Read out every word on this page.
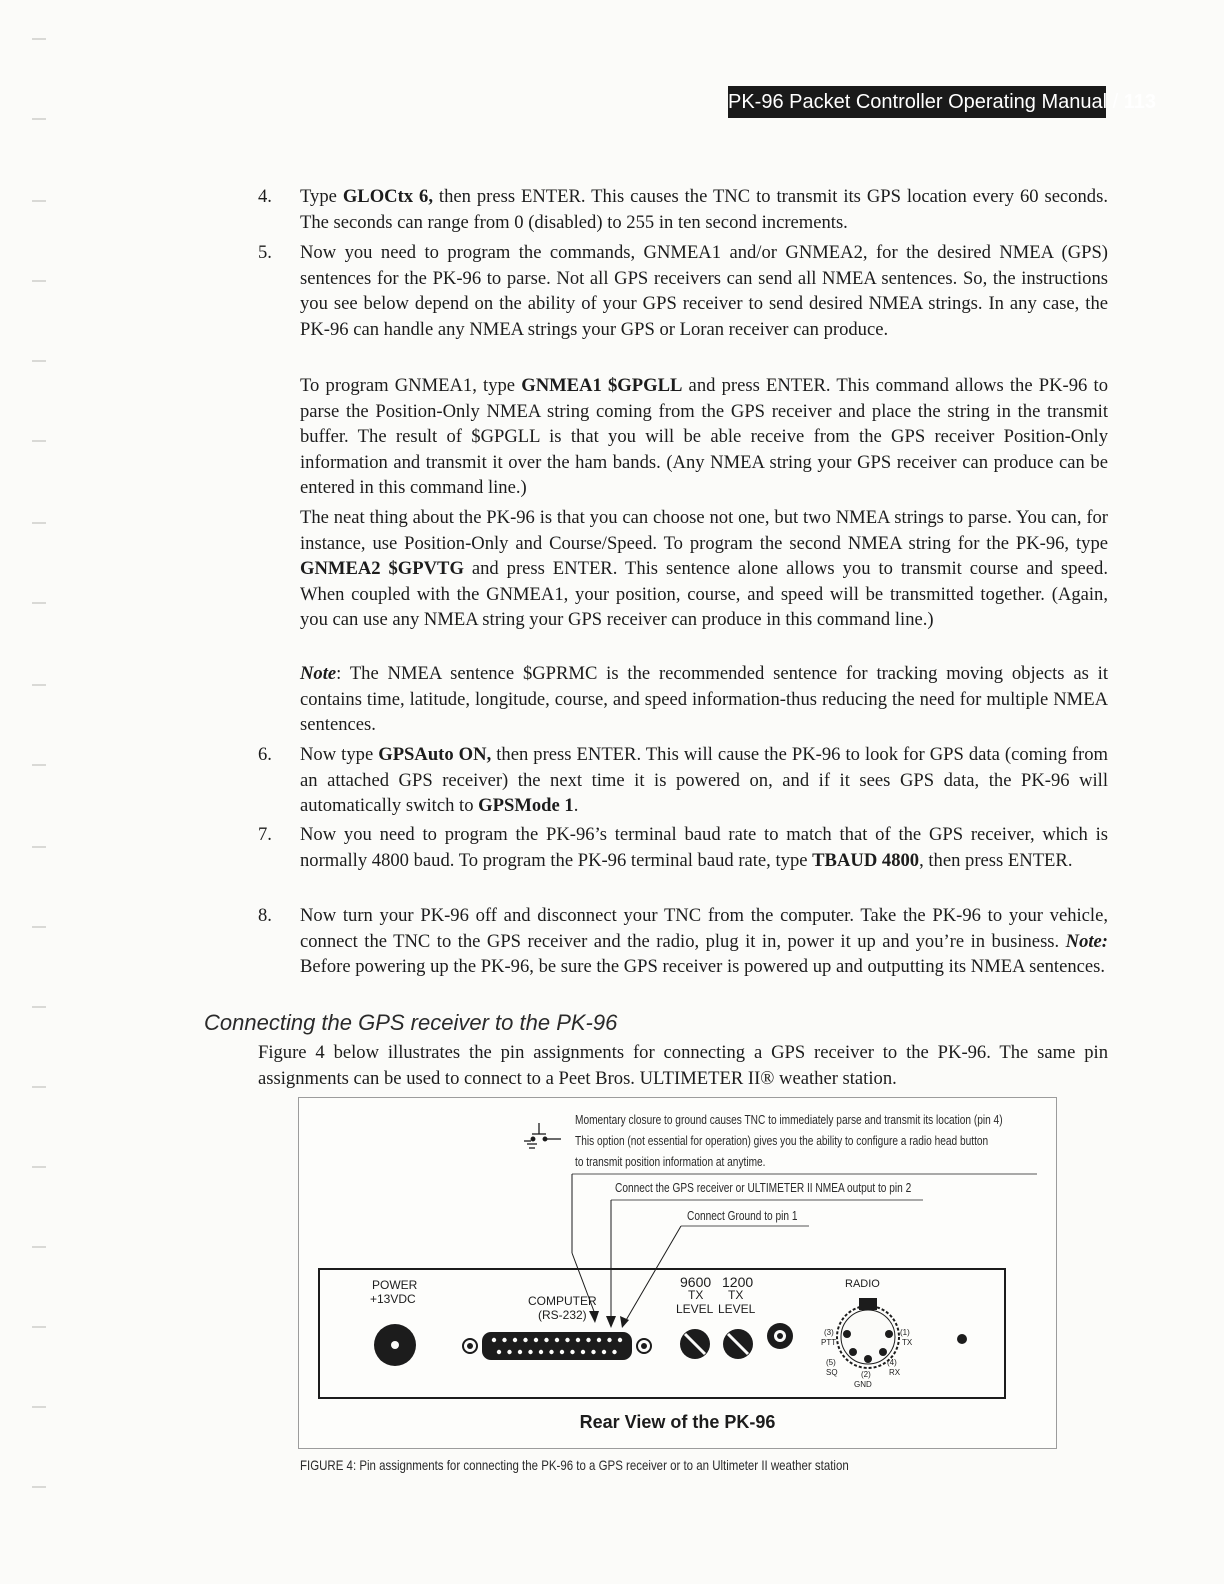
PK-96 Packet Controller Operating Manual / 113
4.	Type GLOCtx 6, then press ENTER. This causes the TNC to transmit its GPS location every 60 seconds. The seconds can range from 0 (disabled) to 255 in ten second increments.
5.	Now you need to program the commands, GNMEA1 and/or GNMEA2, for the desired NMEA (GPS) sentences for the PK-96 to parse. Not all GPS receivers can send all NMEA sentences. So, the instructions you see below depend on the ability of your GPS receiver to send desired NMEA strings. In any case, the PK-96 can handle any NMEA strings your GPS or Loran receiver can produce.
To program GNMEA1, type GNMEA1 $GPGLL and press ENTER. This command allows the PK-96 to parse the Position-Only NMEA string coming from the GPS receiver and place the string in the transmit buffer. The result of $GPGLL is that you will be able receive from the GPS receiver Position-Only information and transmit it over the ham bands. (Any NMEA string your GPS receiver can produce can be entered in this command line.)
The neat thing about the PK-96 is that you can choose not one, but two NMEA strings to parse. You can, for instance, use Position-Only and Course/Speed. To program the second NMEA string for the PK-96, type GNMEA2 $GPVTG and press ENTER. This sentence alone allows you to transmit course and speed. When coupled with the GNMEA1, your position, course, and speed will be transmitted together. (Again, you can use any NMEA string your GPS receiver can produce in this command line.)
Note: The NMEA sentence $GPRMC is the recommended sentence for tracking moving objects as it contains time, latitude, longitude, course, and speed information-thus reducing the need for multiple NMEA sentences.
6.	Now type GPSAuto ON, then press ENTER. This will cause the PK-96 to look for GPS data (coming from an attached GPS receiver) the next time it is powered on, and if it sees GPS data, the PK-96 will automatically switch to GPSMode 1.
7.	Now you need to program the PK-96’s terminal baud rate to match that of the GPS receiver, which is normally 4800 baud. To program the PK-96 terminal baud rate, type TBAUD 4800, then press ENTER.
8.	Now turn your PK-96 off and disconnect your TNC from the computer. Take the PK-96 to your vehicle, connect the TNC to the GPS receiver and the radio, plug it in, power it up and you’re in business. Note: Before powering up the PK-96, be sure the GPS receiver is powered up and outputting its NMEA sentences.
Connecting the GPS receiver to the PK-96
Figure 4 below illustrates the pin assignments for connecting a GPS receiver to the PK-96. The same pin assignments can be used to connect to a Peet Bros. ULTIMETER II® weather station.
Momentary closure to ground causes TNC to immediately parse and transmit its location (pin 4)
This option (not essential for operation) gives you the ability to configure a radio head button
to transmit position information at anytime.
Connect the GPS receiver or ULTIMETER II NMEA output to pin 2
Connect Ground to pin 1
POWER
+13VDC	COMPUTER
(RS-232)
9600 1200
TX TX
LEVEL LEVEL
RADIO
(3)
PTT
(1)
TX
(5)	(4)
SQ	(2) RX
GND
Rear View of the PK-96
FIGURE 4: Pin assignments for connecting the PK-96 to a GPS receiver or to an Ultimeter II weather station
